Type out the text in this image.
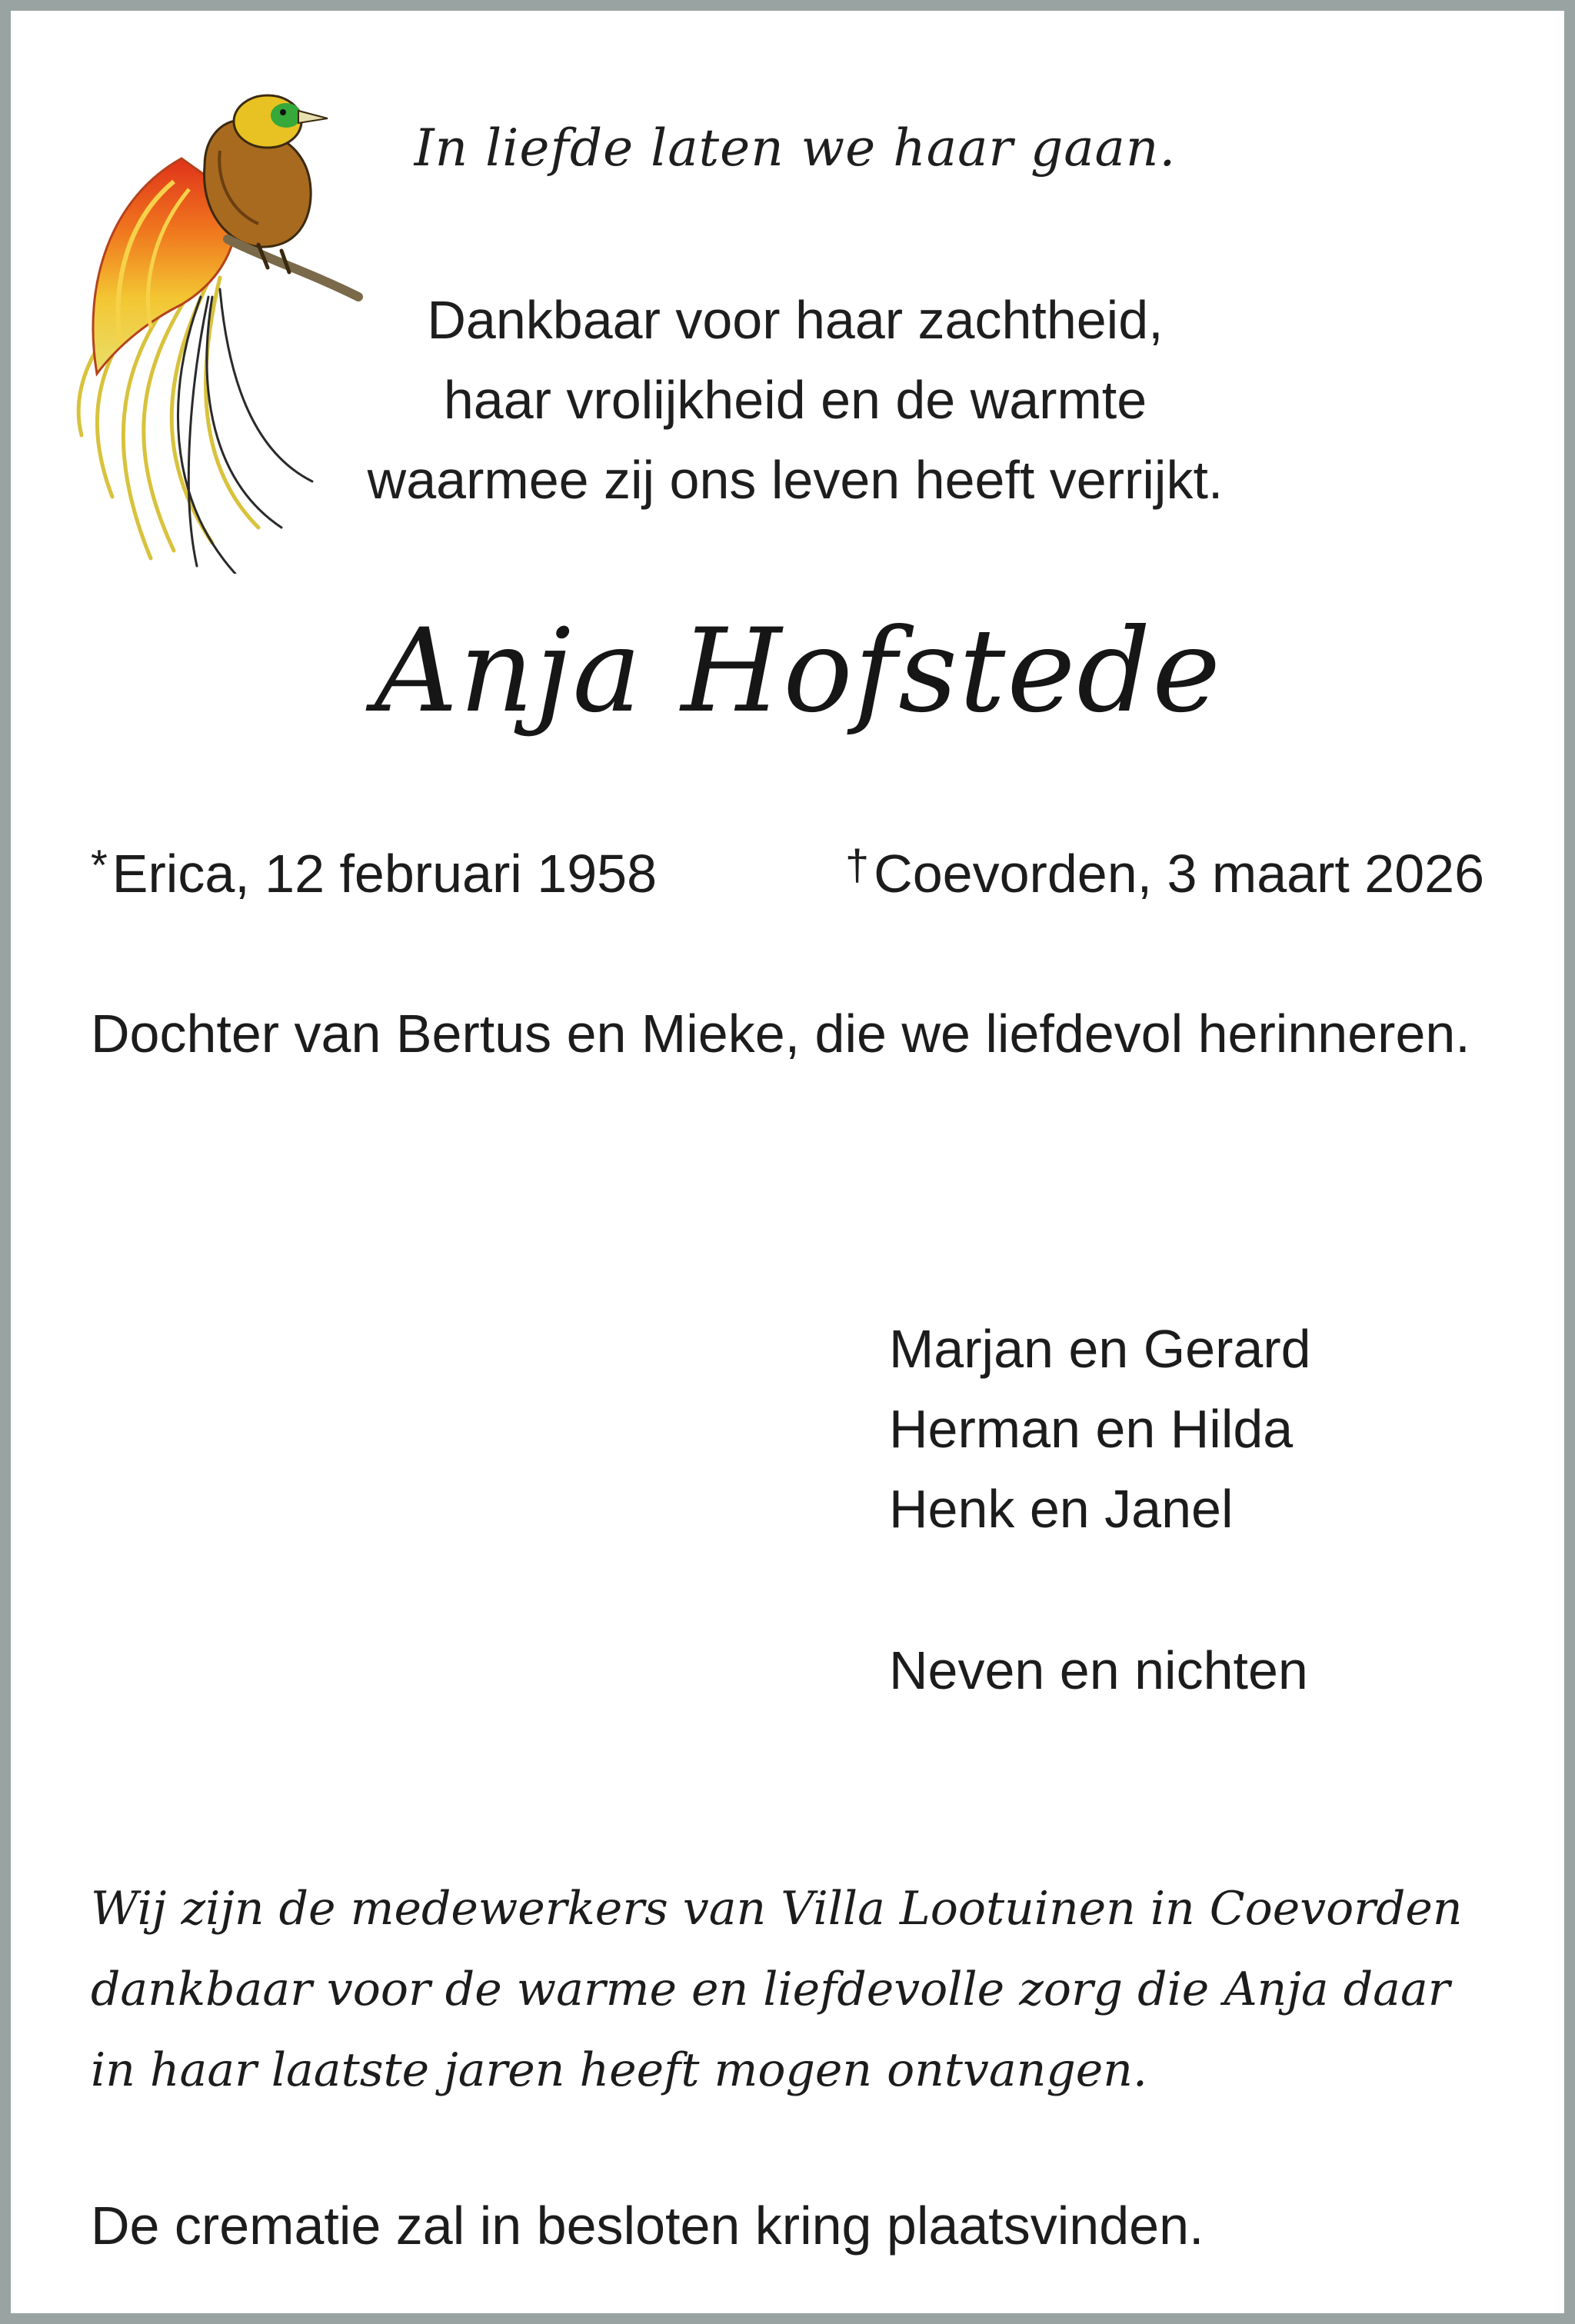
In liefde laten we haar gaan.
Dankbaar voor haar zachtheid,
haar vrolijkheid en de warmte
waarmee zij ons leven heeft verrijkt.
Anja Hofstede
*Erica, 12 februari 1958	†Coevorden, 3 maart 2026
Dochter van Bertus en Mieke, die we liefdevol herinneren.
Marjan en Gerard
Herman en Hilda
Henk en Janel
Neven en nichten
Wij zijn de medewerkers van Villa Lootuinen in Coevorden
dankbaar voor de warme en liefdevolle zorg die Anja daar
in haar laatste jaren heeft mogen ontvangen.
De crematie zal in besloten kring plaatsvinden.
